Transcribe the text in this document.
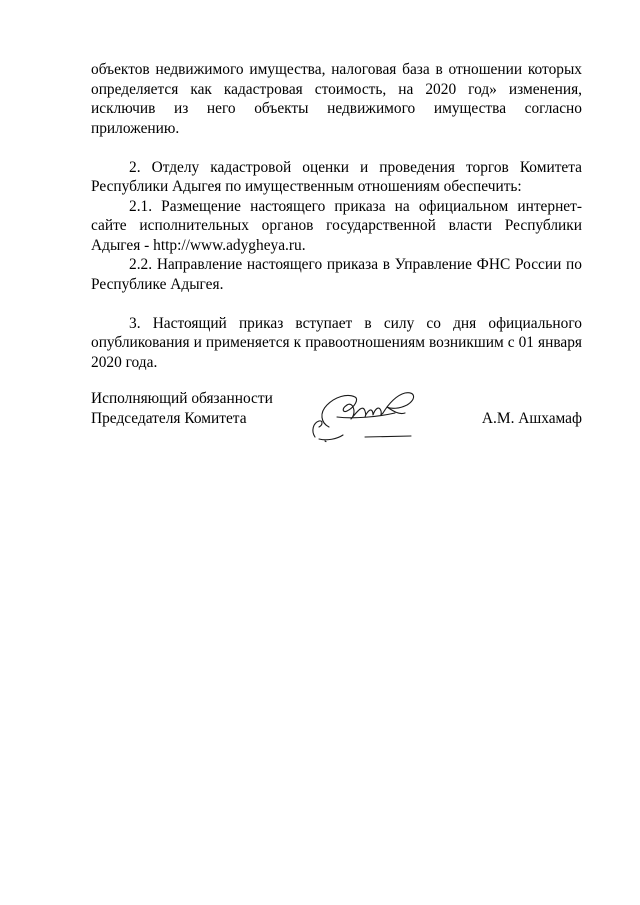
объектов недвижимого имущества, налоговая база в отношении которых определяется как кадастровая стоимость, на 2020 год» изменения, исключив из него объекты недвижимого имущества согласно приложению.

2. Отделу кадастровой оценки и проведения торгов Комитета Республики Адыгея по имущественным отношениям обеспечить:

2.1. Размещение настоящего приказа на официальном интернет-сайте исполнительных органов государственной власти Республики Адыгея - http://www.adygheya.ru.

2.2. Направление настоящего приказа в Управление ФНС России по Республике Адыгея.

3. Настоящий приказ вступает в силу со дня официального опубликования и применяется к правоотношениям возникшим с 01 января 2020 года.

Исполняющий обязанности
Председателя Комитета	А.М. Ашхамаф
